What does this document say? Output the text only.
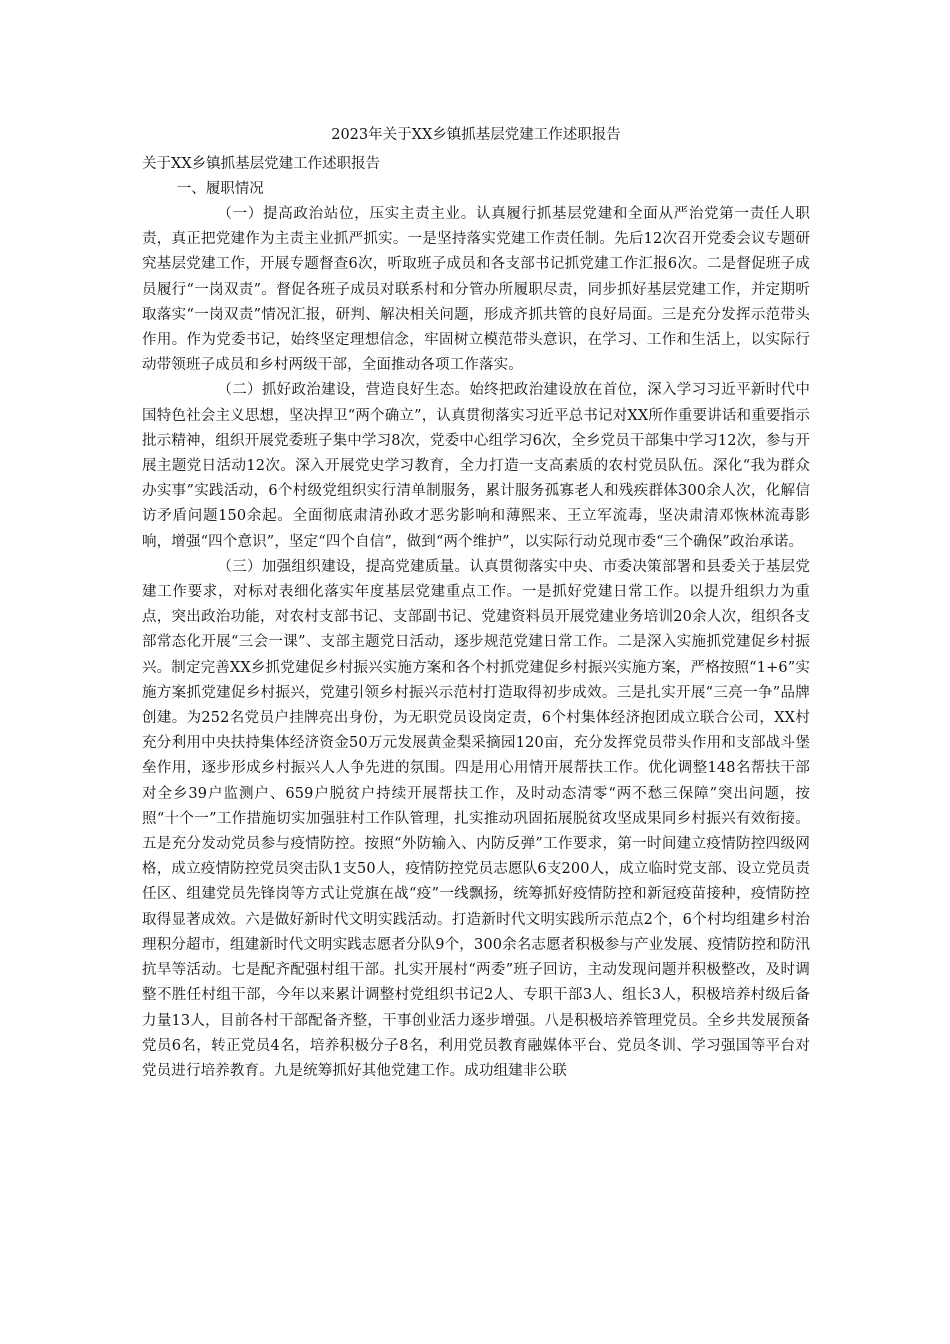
2023年关于XX乡镇抓基层党建工作述职报告
关于XX乡镇抓基层党建工作述职报告
一、履职情况

（一）提高政治站位，压实主责主业。认真履行抓基层党建和全面从严治党第一责任人职责，真正把党建作为主责主业抓严抓实。一是坚持落实党建工作责任制。先后12次召开党委会议专题研究基层党建工作，开展专题督查6次，听取班子成员和各支部书记抓党建工作汇报6次。二是督促班子成员履行“一岗双责”。督促各班子成员对联系村和分管办所履职尽责，同步抓好基层党建工作，并定期听取落实“一岗双责”情况汇报，研判、解决相关问题，形成齐抓共管的良好局面。三是充分发挥示范带头作用。作为党委书记，始终坚定理想信念，牢固树立模范带头意识，在学习、工作和生活上，以实际行动带领班子成员和乡村两级干部，全面推动各项工作落实。

（二）抓好政治建设，营造良好生态。始终把政治建设放在首位，深入学习习近平新时代中国特色社会主义思想，坚决捍卫“两个确立”，认真贯彻落实习近平总书记对XX所作重要讲话和重要指示批示精神，组织开展党委班子集中学习8次，党委中心组学习6次，全乡党员干部集中学习12次，参与开展主题党日活动12次。深入开展党史学习教育，全力打造一支高素质的农村党员队伍。深化“我为群众办实事”实践活动，6个村级党组织实行清单制服务，累计服务孤寡老人和残疾群体300余人次，化解信访矛盾问题150余起。全面彻底肃清孙政才恶劣影响和薄熙来、王立军流毒，坚决肃清邓恢林流毒影响，增强“四个意识”，坚定“四个自信”，做到“两个维护”，以实际行动兑现市委“三个确保”政治承诺。

（三）加强组织建设，提高党建质量。认真贯彻落实中央、市委决策部署和县委关于基层党建工作要求，对标对表细化落实年度基层党建重点工作。一是抓好党建日常工作。以提升组织力为重点，突出政治功能，对农村支部书记、支部副书记、党建资料员开展党建业务培训20余人次，组织各支部常态化开展“三会一课”、支部主题党日活动，逐步规范党建日常工作。二是深入实施抓党建促乡村振兴。制定完善XX乡抓党建促乡村振兴实施方案和各个村抓党建促乡村振兴实施方案，严格按照“1+6”实施方案抓党建促乡村振兴，党建引领乡村振兴示范村打造取得初步成效。三是扎实开展“三亮一争”品牌创建。为252名党员户挂牌亮出身份，为无职党员设岗定责，6个村集体经济抱团成立联合公司，XX村充分利用中央扶持集体经济资金50万元发展黄金梨采摘园120亩，充分发挥党员带头作用和支部战斗堡垒作用，逐步形成乡村振兴人人争先进的氛围。四是用心用情开展帮扶工作。优化调整148名帮扶干部对全乡39户监测户、659户脱贫户持续开展帮扶工作，及时动态清零“两不愁三保障”突出问题，按照“十个一”工作措施切实加强驻村工作队管理，扎实推动巩固拓展脱贫攻坚成果同乡村振兴有效衔接。五是充分发动党员参与疫情防控。按照“外防输入、内防反弹”工作要求，第一时间建立疫情防控四级网格，成立疫情防控党员突击队1支50人，疫情防控党员志愿队6支200人，成立临时党支部、设立党员责任区、组建党员先锋岗等方式让党旗在战“疫”一线飘扬，统筹抓好疫情防控和新冠疫苗接种，疫情防控取得显著成效。六是做好新时代文明实践活动。打造新时代文明实践所示范点2个，6个村均组建乡村治理积分超市，组建新时代文明实践志愿者分队9个，300余名志愿者积极参与产业发展、疫情防控和防汛抗旱等活动。七是配齐配强村组干部。扎实开展村“两委”班子回访，主动发现问题并积极整改，及时调整不胜任村组干部，今年以来累计调整村党组织书记2人、专职干部3人、组长3人，积极培养村级后备力量13人，目前各村干部配备齐整，干事创业活力逐步增强。八是积极培养管理党员。全乡共发展预备党员6名，转正党员4名，培养积极分子8名，利用党员教育融媒体平台、党员冬训、学习强国等平台对党员进行培养教育。九是统筹抓好其他党建工作。成功组建非公联
